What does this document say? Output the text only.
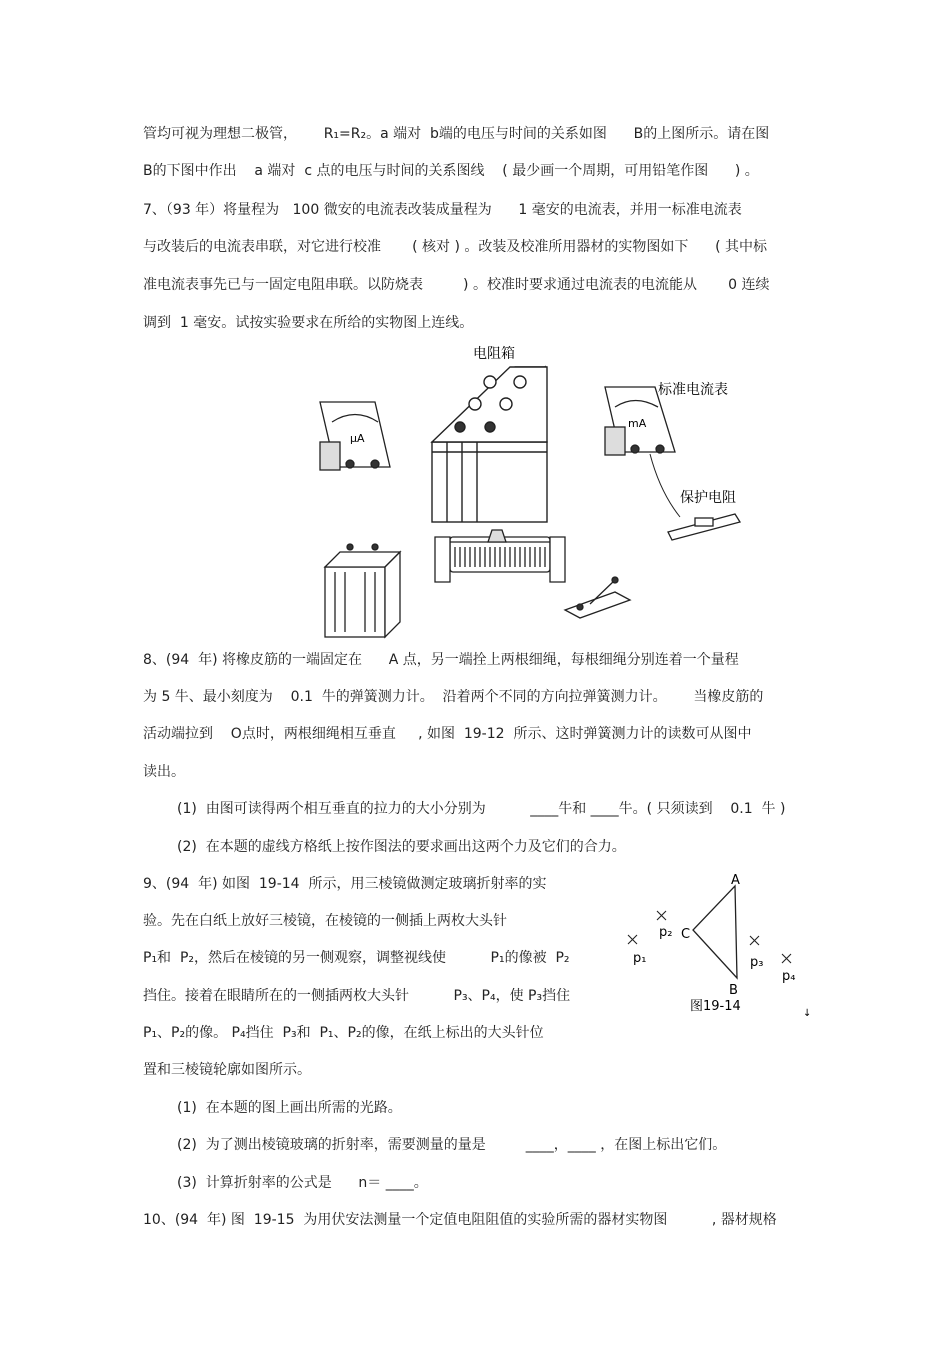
管均可视为理想二极管，      R₁=R₂。a 端对  b端的电压与时间的关系如图      B的上图所示。请在图
B的下图中作出    a 端对  c 点的电压与时间的关系图线    ( 最少画一个周期，可用铅笔作图      ) 。
7、（93 年）将量程为   100 微安的电流表改装成量程为      1 毫安的电流表，并用一标准电流表
与改装后的电流表串联，对它进行校准       ( 核对 ) 。改装及校准所用器材的实物图如下      ( 其中标
准电流表事先已与一固定电阻串联。以防烧表         ) 。校准时要求通过电流表的电流能从       0 连续
调到  1 毫安。试按实验要求在所给的实物图上连线。
电阻箱
μA
mA
标准电流表
保护电阻
8、(94  年) 将橡皮筋的一端固定在      A 点，另一端拴上两根细绳，每根细绳分别连着一个量程
为 5 牛、最小刻度为    0.1  牛的弹簧测力计。  沿着两个不同的方向拉弹簧测力计。      当橡皮筋的
活动端拉到    O点时，两根细绳相互垂直     , 如图  19-12  所示、这时弹簧测力计的读数可从图中
读出。
(1)  由图可读得两个相互垂直的拉力的大小分别为          ____牛和 ____牛。( 只须读到    0.1  牛 )
(2)  在本题的虚线方格纸上按作图法的要求画出这两个力及它们的合力。
9、(94  年) 如图  19-14  所示，用三棱镜做测定玻璃折射率的实
验。先在白纸上放好三棱镜，在棱镜的一侧插上两枚大头针
P₁和  P₂，然后在棱镜的另一侧观察，调整视线使          P₁的像被  P₂
挡住。接着在眼睛所在的一侧插两枚大头针          P₃、P₄，使 P₃挡住
P₁、P₂的像。 P₄挡住  P₃和  P₁、P₂的像，在纸上标出的大头针位
置和三棱镜轮廓如图所示。
(1)  在本题的图上画出所需的光路。
(2)  为了测出棱镜玻璃的折射率，需要测量的量是         ____，____ ，在图上标出它们。
(3)  计算折射率的公式是      n＝ ____。
10、(94  年) 图  19-15  为用伏安法测量一个定值电阻阻值的实验所需的器材实物图          , 器材规格
A
B
C
p₁
p₂
p₃
p₄
图19-14	↓
